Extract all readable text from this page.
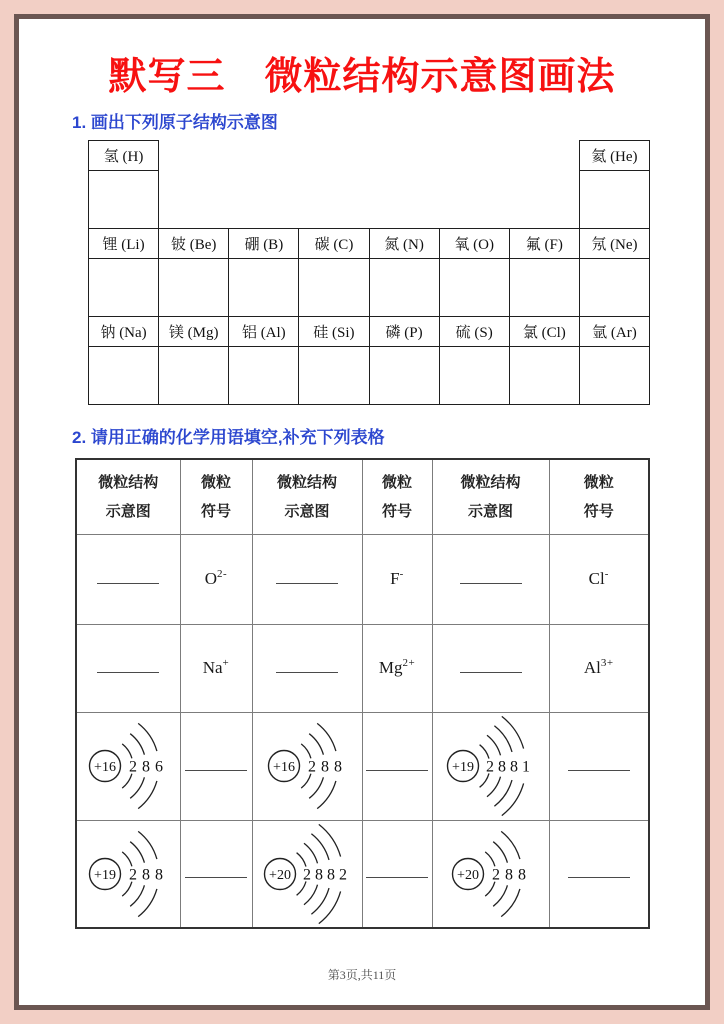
默写三　微粒结构示意图画法
1. 画出下列原子结构示意图
氢 (H)							氦 (He)

锂 (Li)	铍 (Be)	硼 (B)	碳 (C)	氮 (N)	氧 (O)	氟 (F)	氖 (Ne)

钠 (Na)	镁 (Mg)	铝 (Al)	硅 (Si)	磷 (P)	硫 (S)	氯 (Cl)	氩 (Ar)

2. 请用正确的化学用语填空,补充下列表格
微粒结构
示意图

微粒
符号

微粒结构
示意图

微粒
符号

微粒结构
示意图

微粒
符号

	$O^{2-}$		F-		Cl-
	Na+		$Mg^{2+}$		$Al^{3+}$

+16 2 8 6		+16 2 8 8		+19 2 8 8 1	

+19 2 8 8		+20 2 8 8 2		+20 2 8 8	

第3页,共11页
